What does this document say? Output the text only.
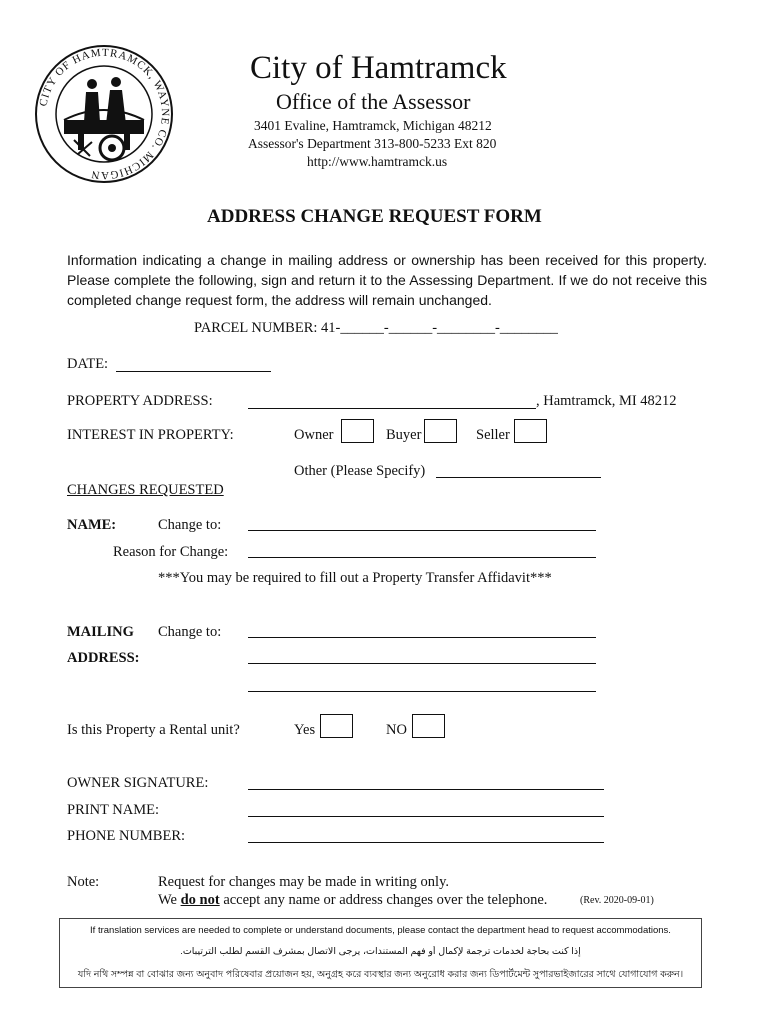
CITY OF HAMTRAMCK, WAYNE CO. MICHIGAN
City of Hamtramck
Office of the Assessor
3401 Evaline, Hamtramck, Michigan 48212
Assessor's Department 313-800-5233 Ext 820
http://www.hamtramck.us
ADDRESS CHANGE REQUEST FORM
Information indicating a change in mailing address or ownership has been received for this property. Please complete the following, sign and return it to the Assessing Department. If we do not receive this completed change request form, the address will remain unchanged.
PARCEL NUMBER: 41-______-______-________-________
DATE:
PROPERTY ADDRESS:	, Hamtramck, MI 48212
INTEREST IN PROPERTY:	Owner	Buyer	Seller
Other (Please Specify)
CHANGES REQUESTED
NAME:	Change to:
Reason for Change:
***You may be required to fill out a Property Transfer Affidavit***
MAILING Change to:
ADDRESS:
Is this Property a Rental unit?	Yes	NO
OWNER SIGNATURE:
PRINT NAME:
PHONE NUMBER:
Note:	Request for changes may be made in writing only.
We do not accept any name or address changes over the telephone.	(Rev. 2020-09-01)
If translation services are needed to complete or understand documents, please contact the department head to request accommodations.
إذا كنت بحاجة لخدمات ترجمة لإكمال أو فهم المستندات، يرجى الاتصال بمشرف القسم لطلب الترتيبات.
যদি নথি সম্পন্ন বা বোঝার জন্য অনুবাদ পরিষেবার প্রয়োজন হয়, অনুগ্রহ করে ব্যবস্থার জন্য অনুরোধ করার জন্য ডিপার্টমেন্ট সুপারভাইজারের সাথে যোগাযোগ করুন।
